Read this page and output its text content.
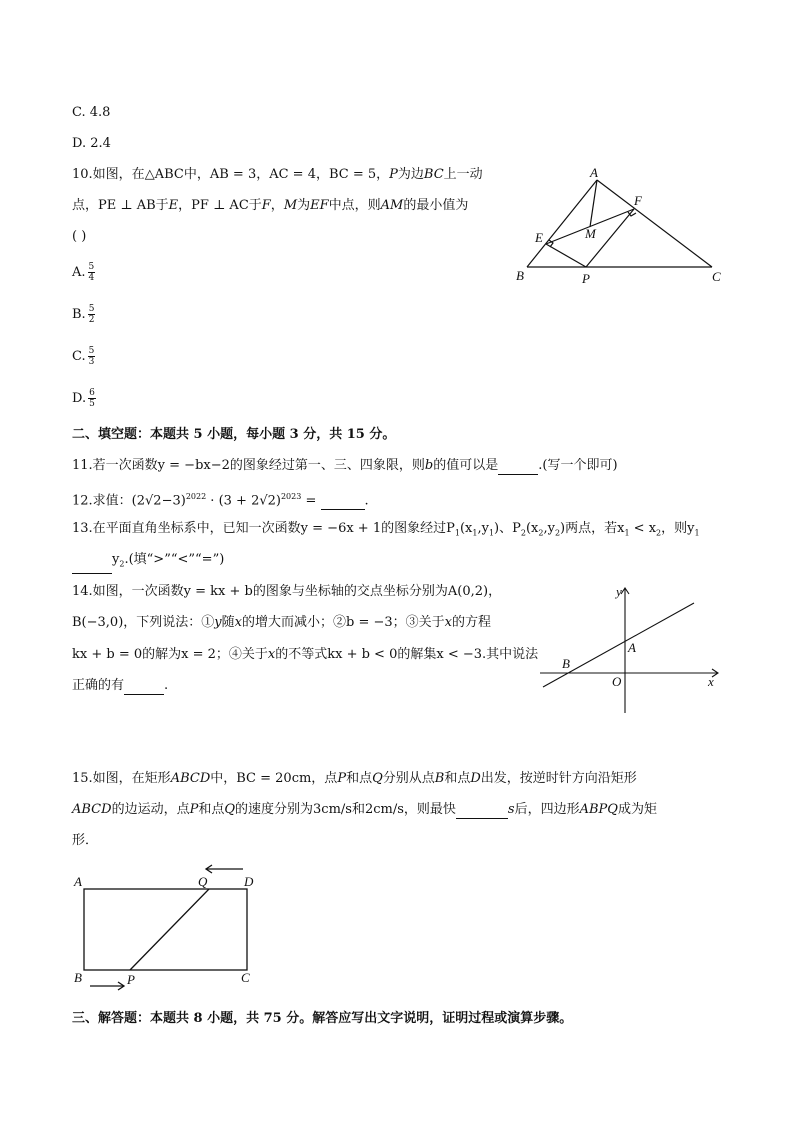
C. 4.8
D. 2.4
10.如图，在△ABC中，AB = 3，AC = 4，BC = 5，P为边BC上一动
点，PE ⊥ AB于E，PF ⊥ AC于F，M为EF中点，则AM的最小值为
( )
A. $\frac{5}{4}$
B. $\frac{5}{2}$
C. $\frac{5}{3}$
D. $\frac{6}{5}$
A
B	C
E
F
M
P
二、填空题：本题共 5 小题，每小题 3 分，共 15 分。
11.若一次函数y = −bx−2的图象经过第一、三、四象限，则b的值可以是	.(写一个即可)
12.求值：$(2√2-3)^{2022} \cdot (3 + 2√2)^{2023}$ =	.
13.在平面直角坐标系中，已知一次函数y = −6x + 1的图象经过$P_1(x_1,y_1)$、$P_2(x_2,y_2)$两点，若$x_1 < x_2$，则$y_1$
$y_2$.(填“>”“<”“=”)
14.如图，一次函数y = kx + b的图象与坐标轴的交点坐标分别为A(0,2)，
B(−3,0)，下列说法：①y随x的增大而减小；②b = −3；③关于x的方程
kx + b = 0的解为x = 2；④关于x的不等式kx + b < 0的解集x < −3.其中说法
正确的有	.
y
x
A
B
O
15.如图，在矩形ABCD中，BC = 20cm，点P和点Q分别从点B和点D出发，按逆时针方向沿矩形
ABCD的边运动，点P和点Q的速度分别为3cm/s和2cm/s，则最快	s后，四边形ABPQ成为矩
形．
A
B	C
D
P
Q
三、解答题：本题共 8 小题，共 75 分。解答应写出文字说明，证明过程或演算步骤。
